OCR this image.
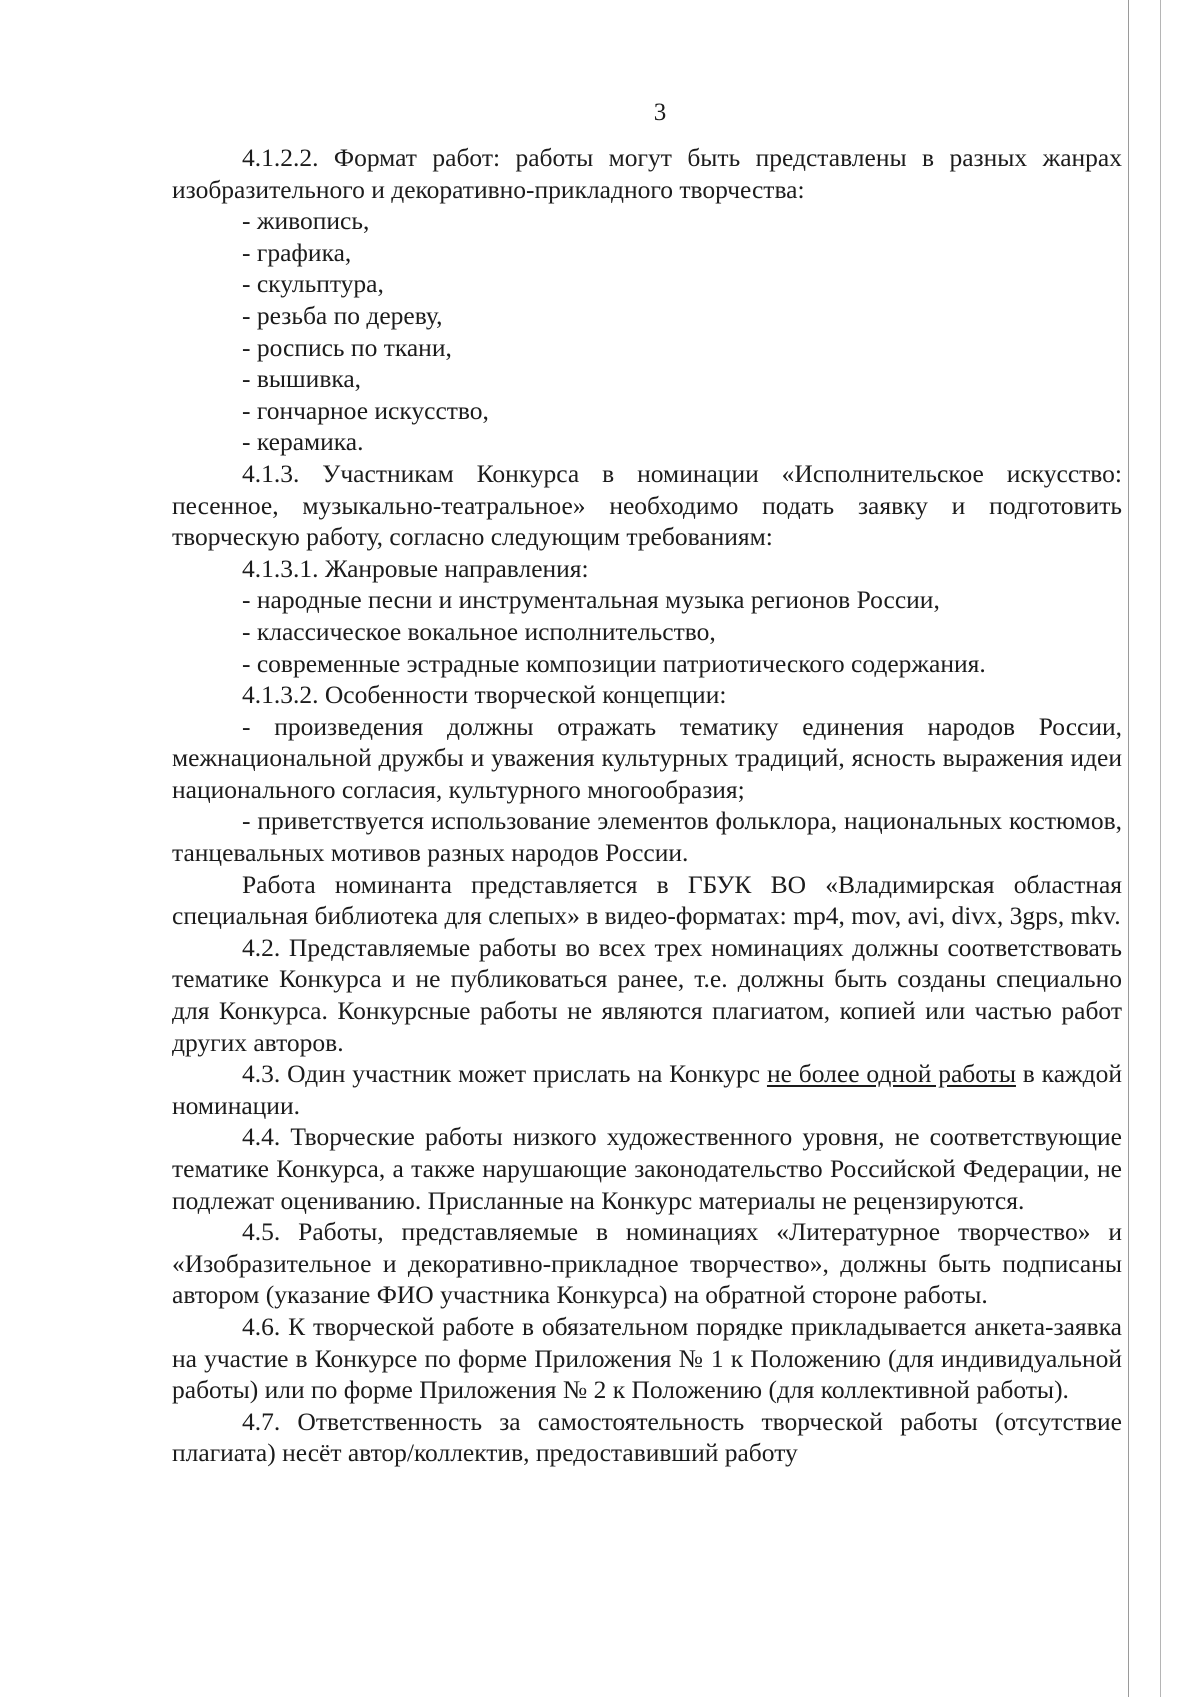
3

4.1.2.2. Формат работ: работы могут быть представлены в разных жанрах изобразительного и декоративно-прикладного творчества:

- живопись,
- графика,
- скульптура,
- резьба по дереву,
- роспись по ткани,
- вышивка,
- гончарное искусство,
- керамика.

4.1.3. Участникам Конкурса в номинации «Исполнительское искусство: песенное, музыкально-театральное» необходимо подать заявку и подготовить творческую работу, согласно следующим требованиям:

4.1.3.1. Жанровые направления:

- народные песни и инструментальная музыка регионов России,
- классическое вокальное исполнительство,
- современные эстрадные композиции патриотического содержания.

4.1.3.2. Особенности творческой концепции:

- произведения должны отражать тематику единения народов России, межнациональной дружбы и уважения культурных традиций, ясность выражения идеи национального согласия, культурного многообразия;

- приветствуется использование элементов фольклора, национальных костюмов, танцевальных мотивов разных народов России.

Работа номинанта представляется в ГБУК ВО «Владимирская областная специальная библиотека для слепых» в видео-форматах: mp4, mov, avi, divx, 3gps, mkv.

4.2. Представляемые работы во всех трех номинациях должны соответствовать тематике Конкурса и не публиковаться ранее, т.е. должны быть созданы специально для Конкурса. Конкурсные работы не являются плагиатом, копией или частью работ других авторов.

4.3. Один участник может прислать на Конкурс не более одной работы в каждой номинации.

4.4. Творческие работы низкого художественного уровня, не соответствующие тематике Конкурса, а также нарушающие законодательство Российской Федерации, не подлежат оцениванию. Присланные на Конкурс материалы не рецензируются.

4.5. Работы, представляемые в номинациях «Литературное творчество» и «Изобразительное и декоративно-прикладное творчество», должны быть подписаны автором (указание ФИО участника Конкурса) на обратной стороне работы.

4.6. К творческой работе в обязательном порядке прикладывается анкета-заявка на участие в Конкурсе по форме Приложения № 1 к Положению (для индивидуальной работы) или по форме Приложения № 2 к Положению (для коллективной работы).

4.7. Ответственность за самостоятельность творческой работы (отсутствие плагиата) несёт автор/коллектив, предоставивший работу
